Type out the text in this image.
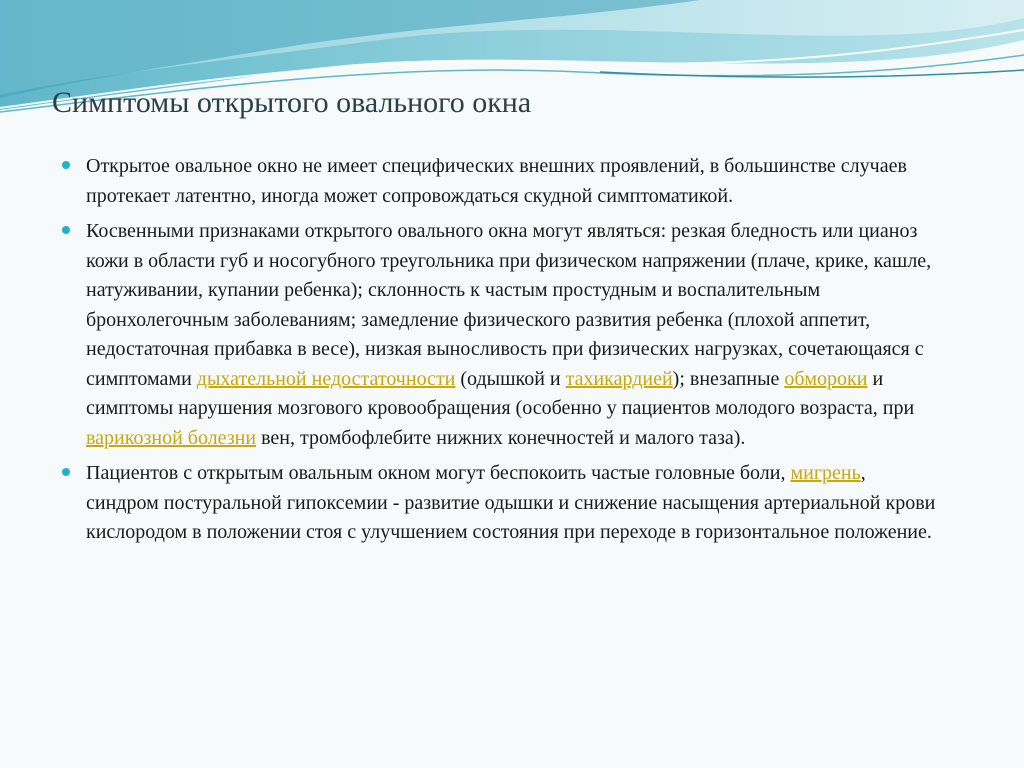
Симптомы открытого овального окна
Открытое овальное окно не имеет специфических внешних проявлений, в большинстве случаев протекает латентно, иногда может сопровождаться скудной симптоматикой.
Косвенными признаками открытого овального окна могут являться: резкая бледность или цианоз кожи в области губ и носогубного треугольника при физическом напряжении (плаче, крике, кашле, натуживании, купании ребенка); склонность к частым простудным и воспалительным бронхолегочным заболеваниям; замедление физического развития ребенка (плохой аппетит, недостаточная прибавка в весе), низкая выносливость при физических нагрузках, сочетающаяся с симптомами дыхательной недостаточности (одышкой и тахикардией); внезапные обмороки и симптомы нарушения мозгового кровообращения (особенно у пациентов молодого возраста, при варикозной болезни вен, тромбофлебите нижних конечностей и малого таза).
Пациентов с открытым овальным окном могут беспокоить частые головные боли, мигрень, синдром постуральной гипоксемии - развитие одышки и снижение насыщения артериальной крови кислородом в положении стоя с улучшением состояния при переходе в горизонтальное положение.
